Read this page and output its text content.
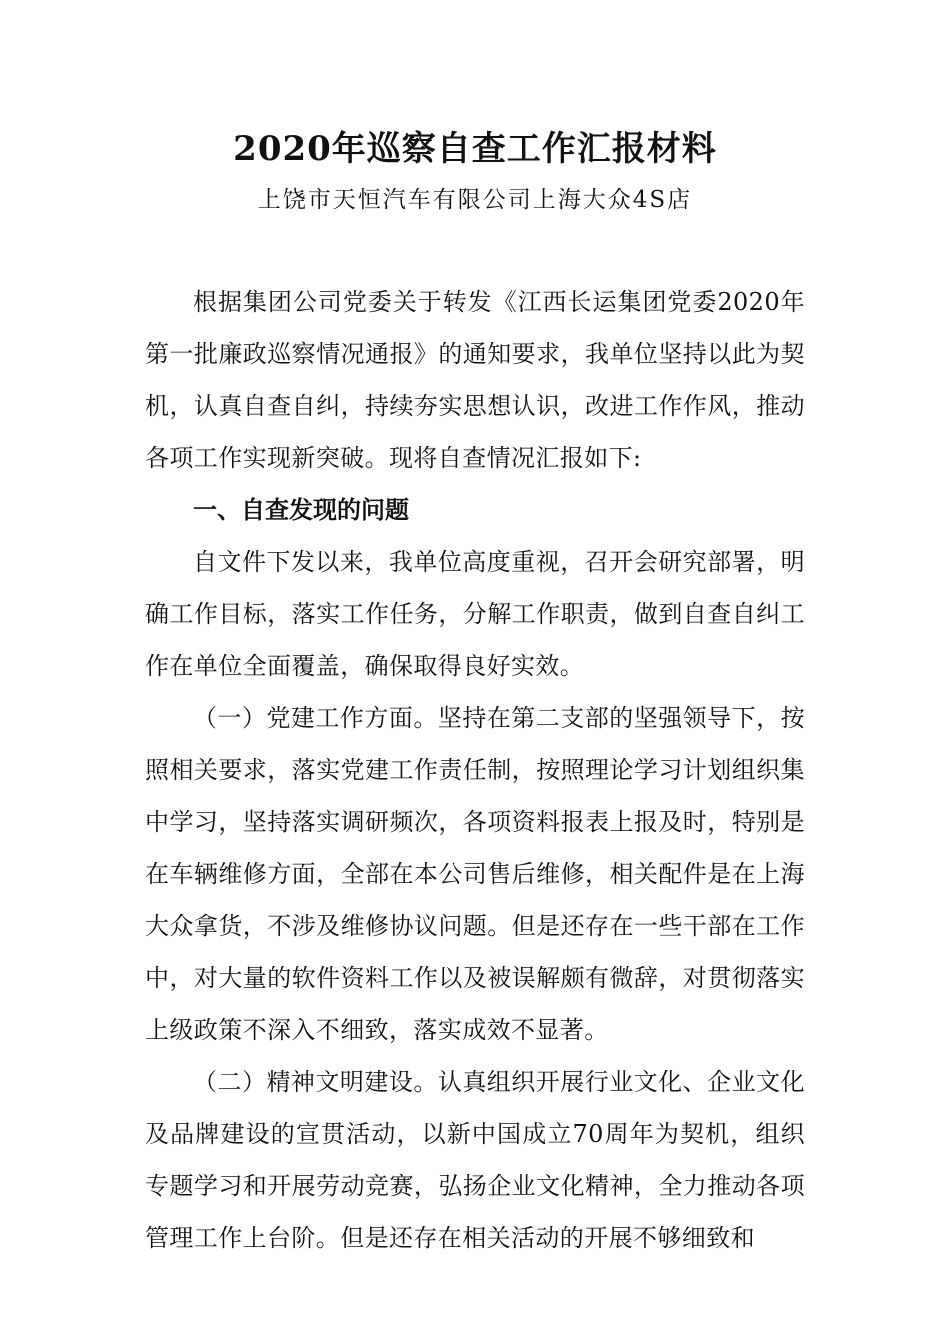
2020年巡察自查工作汇报材料
上饶市天恒汽车有限公司上海大众4S店

根据集团公司党委关于转发《江西长运集团党委2020年第一批廉政巡察情况通报》的通知要求，我单位坚持以此为契机，认真自查自纠，持续夯实思想认识，改进工作作风，推动各项工作实现新突破。现将自查情况汇报如下:

一、自查发现的问题

自文件下发以来，我单位高度重视，召开会研究部署，明确工作目标，落实工作任务，分解工作职责，做到自查自纠工作在单位全面覆盖，确保取得良好实效。

（一）党建工作方面。坚持在第二支部的坚强领导下，按照相关要求，落实党建工作责任制，按照理论学习计划组织集中学习，坚持落实调研频次，各项资料报表上报及时，特别是在车辆维修方面，全部在本公司售后维修，相关配件是在上海大众拿货，不涉及维修协议问题。但是还存在一些干部在工作中，对大量的软件资料工作以及被误解颇有微辞，对贯彻落实上级政策不深入不细致，落实成效不显著。

（二）精神文明建设。认真组织开展行业文化、企业文化及品牌建设的宣贯活动，以新中国成立70周年为契机，组织专题学习和开展劳动竞赛，弘扬企业文化精神，全力推动各项管理工作上台阶。但是还存在相关活动的开展不够细致和
